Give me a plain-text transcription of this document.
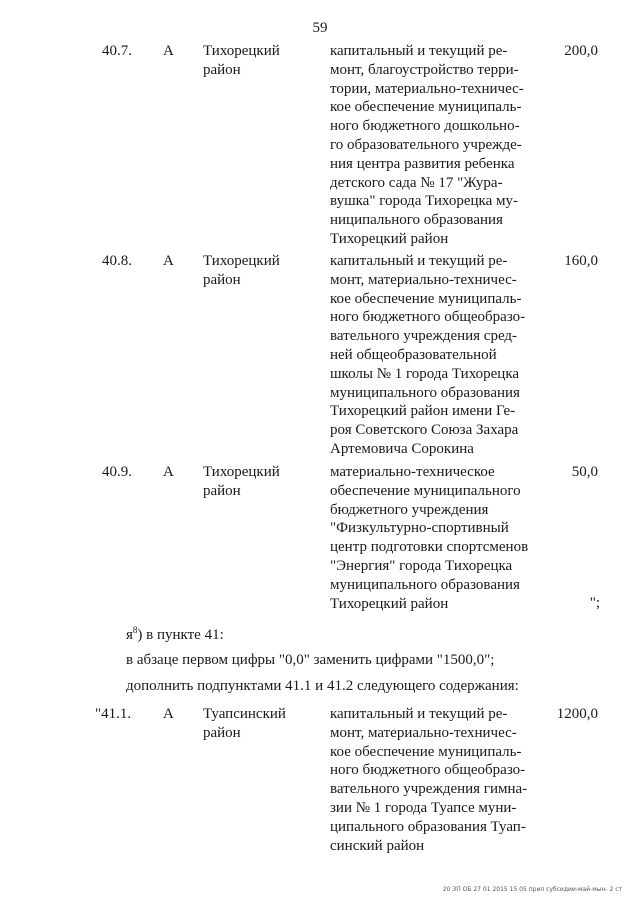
59
40.7. А Тихорецкий
район
капитальный и текущий ре-
монт, благоустройство терри-
тории, материально-техничес-
кое обеспечение муниципаль-
ного бюджетного дошкольно-
го образовательного учрежде-
ния центра развития ребенка
детского сада № 17 "Жура-
вушка" города Тихорецка му-
ниципального образования
Тихорецкий район
200,0
40.8. А Тихорецкий
район
капитальный и текущий ре-
монт, материально-техничес-
кое обеспечение муниципаль-
ного бюджетного общеобразо-
вательного учреждения сред-
ней общеобразовательной
школы № 1 города Тихорецка
муниципального образования
Тихорецкий район имени Ге-
роя Советского Союза Захара
Артемовича Сорокина
160,0
40.9. А Тихорецкий
район
материально-техническое
обеспечение муниципального
бюджетного учреждения
"Физкультурно-спортивный
центр подготовки спортсменов
"Энергия" города Тихорецка
муниципального образования
Тихорецкий район
50,0
";
$я^8$) в пункте 41:
в абзаце первом цифры "0,0" заменить цифрами "1500,0";
дополнить подпунктами 41.1 и 41.2 следующего содержания:
"41.1. А Туапсинский
район
капитальный и текущий ре-
монт, материально-техничес-
кое обеспечение муниципаль-
ного бюджетного общеобразо-
вательного учреждения гимна-
зии № 1 города Туапсе муни-
ципального образования Туап-
синский район
1200,0
20 ЗП ОБ 27 01 2015 15 05 прил субсидии-май-мын- 2 ст
